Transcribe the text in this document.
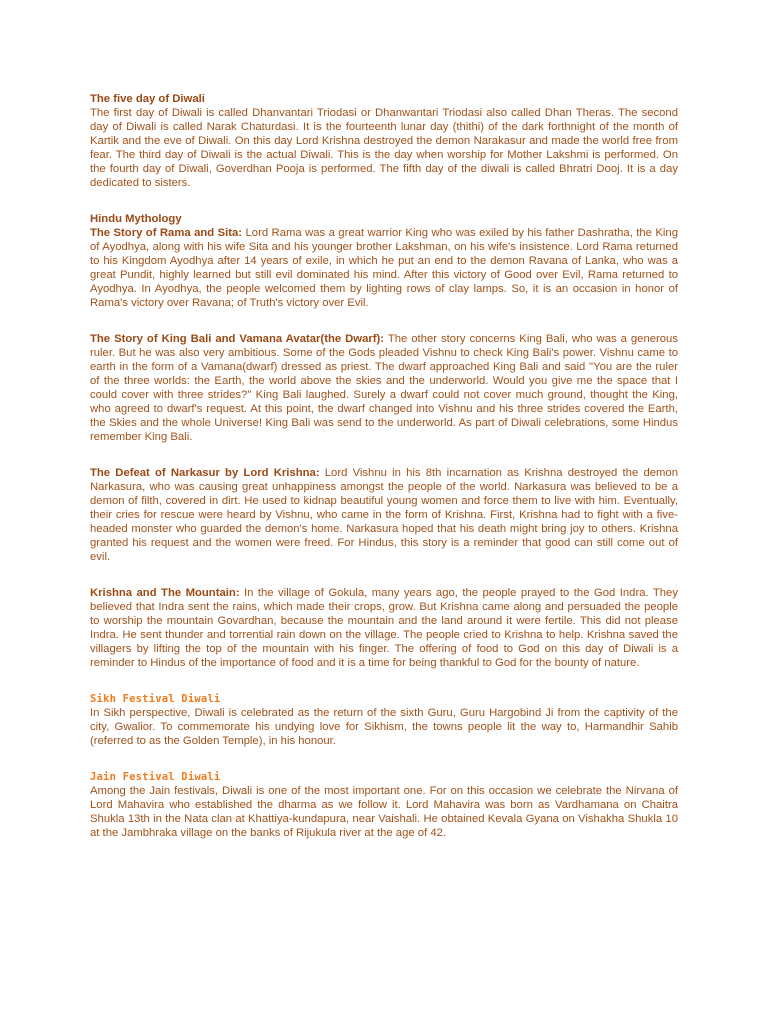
The five day of Diwali

The first day of Diwali is called Dhanvantari Triodasi or Dhanwantari Triodasi also called Dhan Theras. The second day of Diwali is called Narak Chaturdasi. It is the fourteenth lunar day (thithi) of the dark forthnight of the month of Kartik and the eve of Diwali. On this day Lord Krishna destroyed the demon Narakasur and made the world free from fear. The third day of Diwali is the actual Diwali. This is the day when worship for Mother Lakshmi is performed. On the fourth day of Diwali, Goverdhan Pooja is performed. The fifth day of the diwali is called Bhratri Dooj. It is a day dedicated to sisters.

Hindu Mythology

The Story of Rama and Sita: Lord Rama was a great warrior King who was exiled by his father Dashratha, the King of Ayodhya, along with his wife Sita and his younger brother Lakshman, on his wife's insistence. Lord Rama returned to his Kingdom Ayodhya after 14 years of exile, in which he put an end to the demon Ravana of Lanka, who was a great Pundit, highly learned but still evil dominated his mind. After this victory of Good over Evil, Rama returned to Ayodhya. In Ayodhya, the people welcomed them by lighting rows of clay lamps. So, it is an occasion in honor of Rama's victory over Ravana; of Truth's victory over Evil.

The Story of King Bali and Vamana Avatar(the Dwarf): The other story concerns King Bali, who was a generous ruler. But he was also very ambitious. Some of the Gods pleaded Vishnu to check King Bali's power. Vishnu came to earth in the form of a Vamana(dwarf) dressed as priest. The dwarf approached King Bali and said "You are the ruler of the three worlds: the Earth, the world above the skies and the underworld. Would you give me the space that I could cover with three strides?" King Bali laughed. Surely a dwarf could not cover much ground, thought the King, who agreed to dwarf's request. At this point, the dwarf changed into Vishnu and his three strides covered the Earth, the Skies and the whole Universe! King Bali was send to the underworld. As part of Diwali celebrations, some Hindus remember King Bali.

The Defeat of Narkasur by Lord Krishna: Lord Vishnu in his 8th incarnation as Krishna destroyed the demon Narkasura, who was causing great unhappiness amongst the people of the world. Narkasura was believed to be a demon of filth, covered in dirt. He used to kidnap beautiful young women and force them to live with him. Eventually, their cries for rescue were heard by Vishnu, who came in the form of Krishna. First, Krishna had to fight with a five-headed monster who guarded the demon's home. Narkasura hoped that his death might bring joy to others. Krishna granted his request and the women were freed. For Hindus, this story is a reminder that good can still come out of evil.

Krishna and The Mountain: In the village of Gokula, many years ago, the people prayed to the God Indra. They believed that Indra sent the rains, which made their crops, grow. But Krishna came along and persuaded the people to worship the mountain Govardhan, because the mountain and the land around it were fertile. This did not please Indra. He sent thunder and torrential rain down on the village. The people cried to Krishna to help. Krishna saved the villagers by lifting the top of the mountain with his finger. The offering of food to God on this day of Diwali is a reminder to Hindus of the importance of food and it is a time for being thankful to God for the bounty of nature.

Sikh Festival Diwali

In Sikh perspective, Diwali is celebrated as the return of the sixth Guru, Guru Hargobind Ji from the captivity of the city, Gwalior. To commemorate his undying love for Sikhism, the towns people lit the way to, Harmandhir Sahib (referred to as the Golden Temple), in his honour.

Jain Festival Diwali

Among the Jain festivals, Diwali is one of the most important one. For on this occasion we celebrate the Nirvana of Lord Mahavira who established the dharma as we follow it. Lord Mahavira was born as Vardhamana on Chaitra Shukla 13th in the Nata clan at Khattiya-kundapura, near Vaishali. He obtained Kevala Gyana on Vishakha Shukla 10 at the Jambhraka village on the banks of Rijukula river at the age of 42.
